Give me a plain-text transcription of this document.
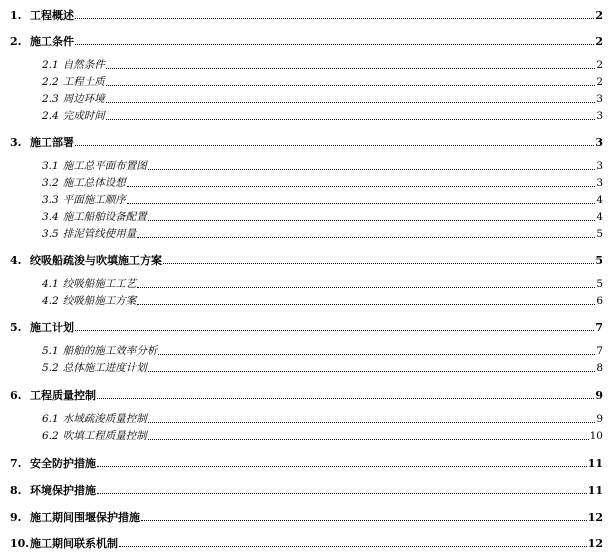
1. 工程概述	2
2. 施工条件	2
2.1 自然条件	2
2.2 工程土质	2
2.3 周边环境	3
2.4 完成时间	3
3. 施工部署	3
3.1 施工总平面布置图	3
3.2 施工总体设想	3
3.3 平面施工顺序	4
3.4 施工船舶设备配置	4
3.5 排泥管线使用量	5
4. 绞吸船疏浚与吹填施工方案	5
4.1 绞吸船施工工艺	5
4.2 绞吸船施工方案	6
5. 施工计划	7
5.1 船舶的施工效率分析	7
5.2 总体施工进度计划	8
6. 工程质量控制	9
6.1 水域疏浚质量控制	9
6.2 吹填工程质量控制	10
7. 安全防护措施	11
8. 环境保护措施	11
9. 施工期间围堰保护措施	12
10. 施工期间联系机制	12
